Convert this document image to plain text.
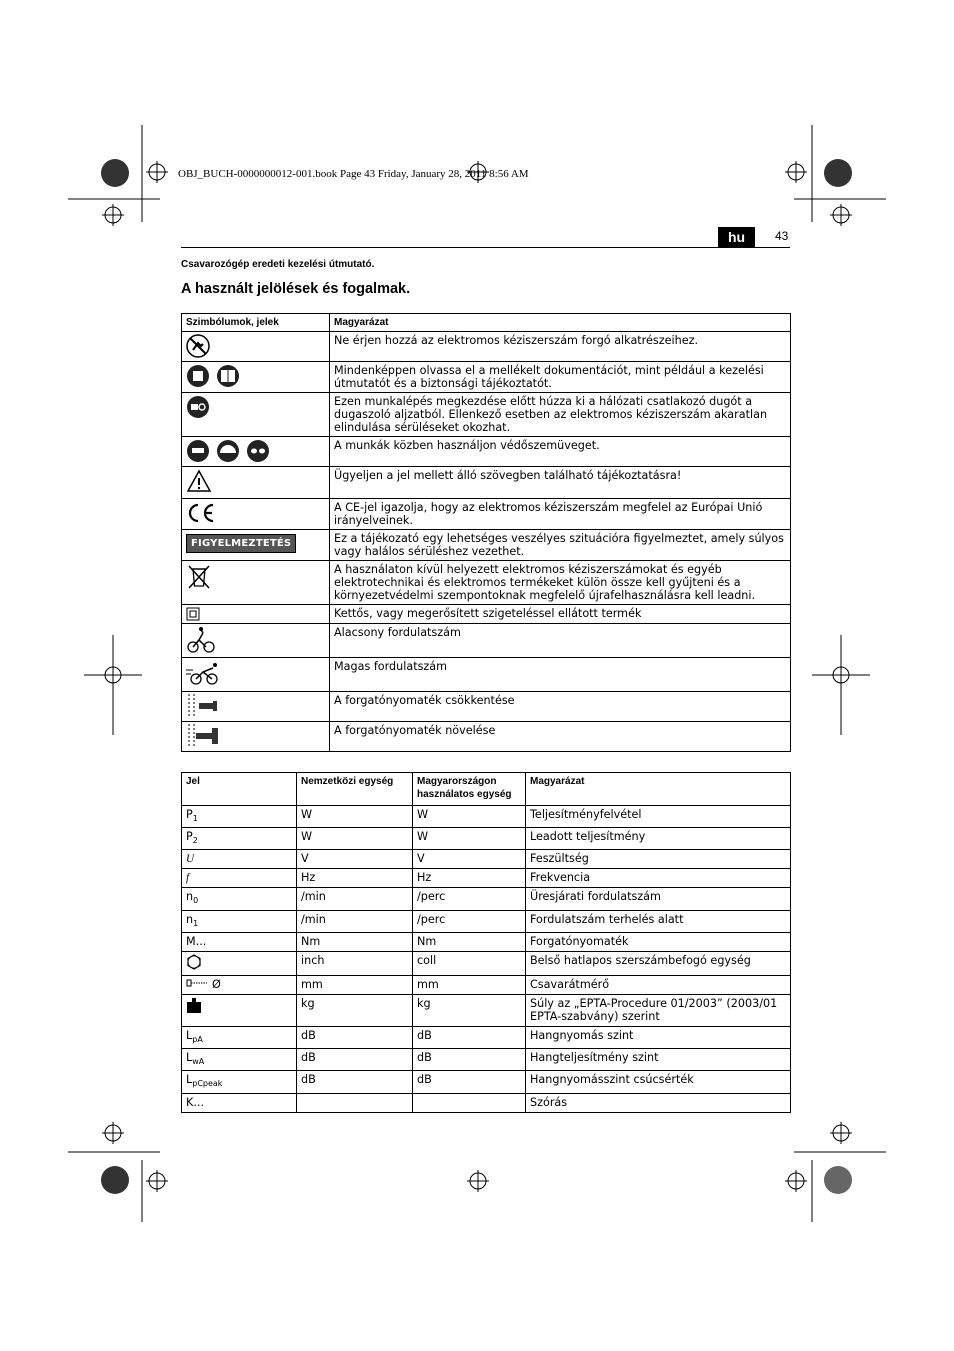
OBJ_BUCH-0000000012-001.book Page 43 Friday, January 28, 2011 8:56 AM
hu	43
Csavarozógép eredeti kezelési útmutató.
A használt jelölések és fogalmak.
Szimbólumok, jelek	Magyarázat
	Ne érjen hozzá az elektromos kéziszerszám forgó alkatrészeihez.
	Mindenképpen olvassa el a mellékelt dokumentációt, mint például a kezelési útmutatót és a biztonsági tájékoztatót.
	Ezen munkalépés megkezdése előtt húzza ki a hálózati csatlakozó dugót a dugaszoló aljzatból. Ellenkező esetben az elektromos kéziszerszám akaratlan elindulása sérüléseket okozhat.
	A munkák közben használjon védőszemüveget.
	Ügyeljen a jel mellett álló szövegben található tájékoztatásra!
	A CE-jel igazolja, hogy az elektromos kéziszerszám megfelel az Európai Unió irányelveinek.
FIGYELMEZTETÉS	Ez a tájékozató egy lehetséges veszélyes szituációra figyelmeztet, amely súlyos vagy halálos sérüléshez vezethet.
	A használaton kívül helyezett elektromos kéziszerszámokat és egyéb elektrotechnikai és elektromos termékeket külön össze kell gyűjteni és a környezetvédelmi szempontoknak megfelelő újrafelhasználásra kell leadni.
	Kettős, vagy megerősített szigeteléssel ellátott termék
	Alacsony fordulatszám
	Magas fordulatszám
	A forgatónyomaték csökkentése
	A forgatónyomaték növelése
Jel	Nemzetközi egység	Magyarországon használatos egység	Magyarázat
$P_1$	W	W	Teljesítményfelvétel
$P_2$	W	W	Leadott teljesítmény
U	V	V	Feszültség
f	Hz	Hz	Frekvencia
$n_0$	/min	/perc	Üresjárati fordulatszám
$n_1$	/min	/perc	Fordulatszám terhelés alatt
M...	Nm	Nm	Forgatónyomaték
	inch	coll	Belső hatlapos szerszámbefogó egység
Ø	mm	mm	Csavarátmérő
	kg	kg	Súly az „EPTA-Procedure 01/2003” (2003/01 EPTA-szabvány) szerint
$L_{pA}$	dB	dB	Hangnyomás szint
$L_{wA}$	dB	dB	Hangteljesítmény szint
$L_{pCpeak}$	dB	dB	Hangnyomásszint csúcsérték
K...			Szórás
